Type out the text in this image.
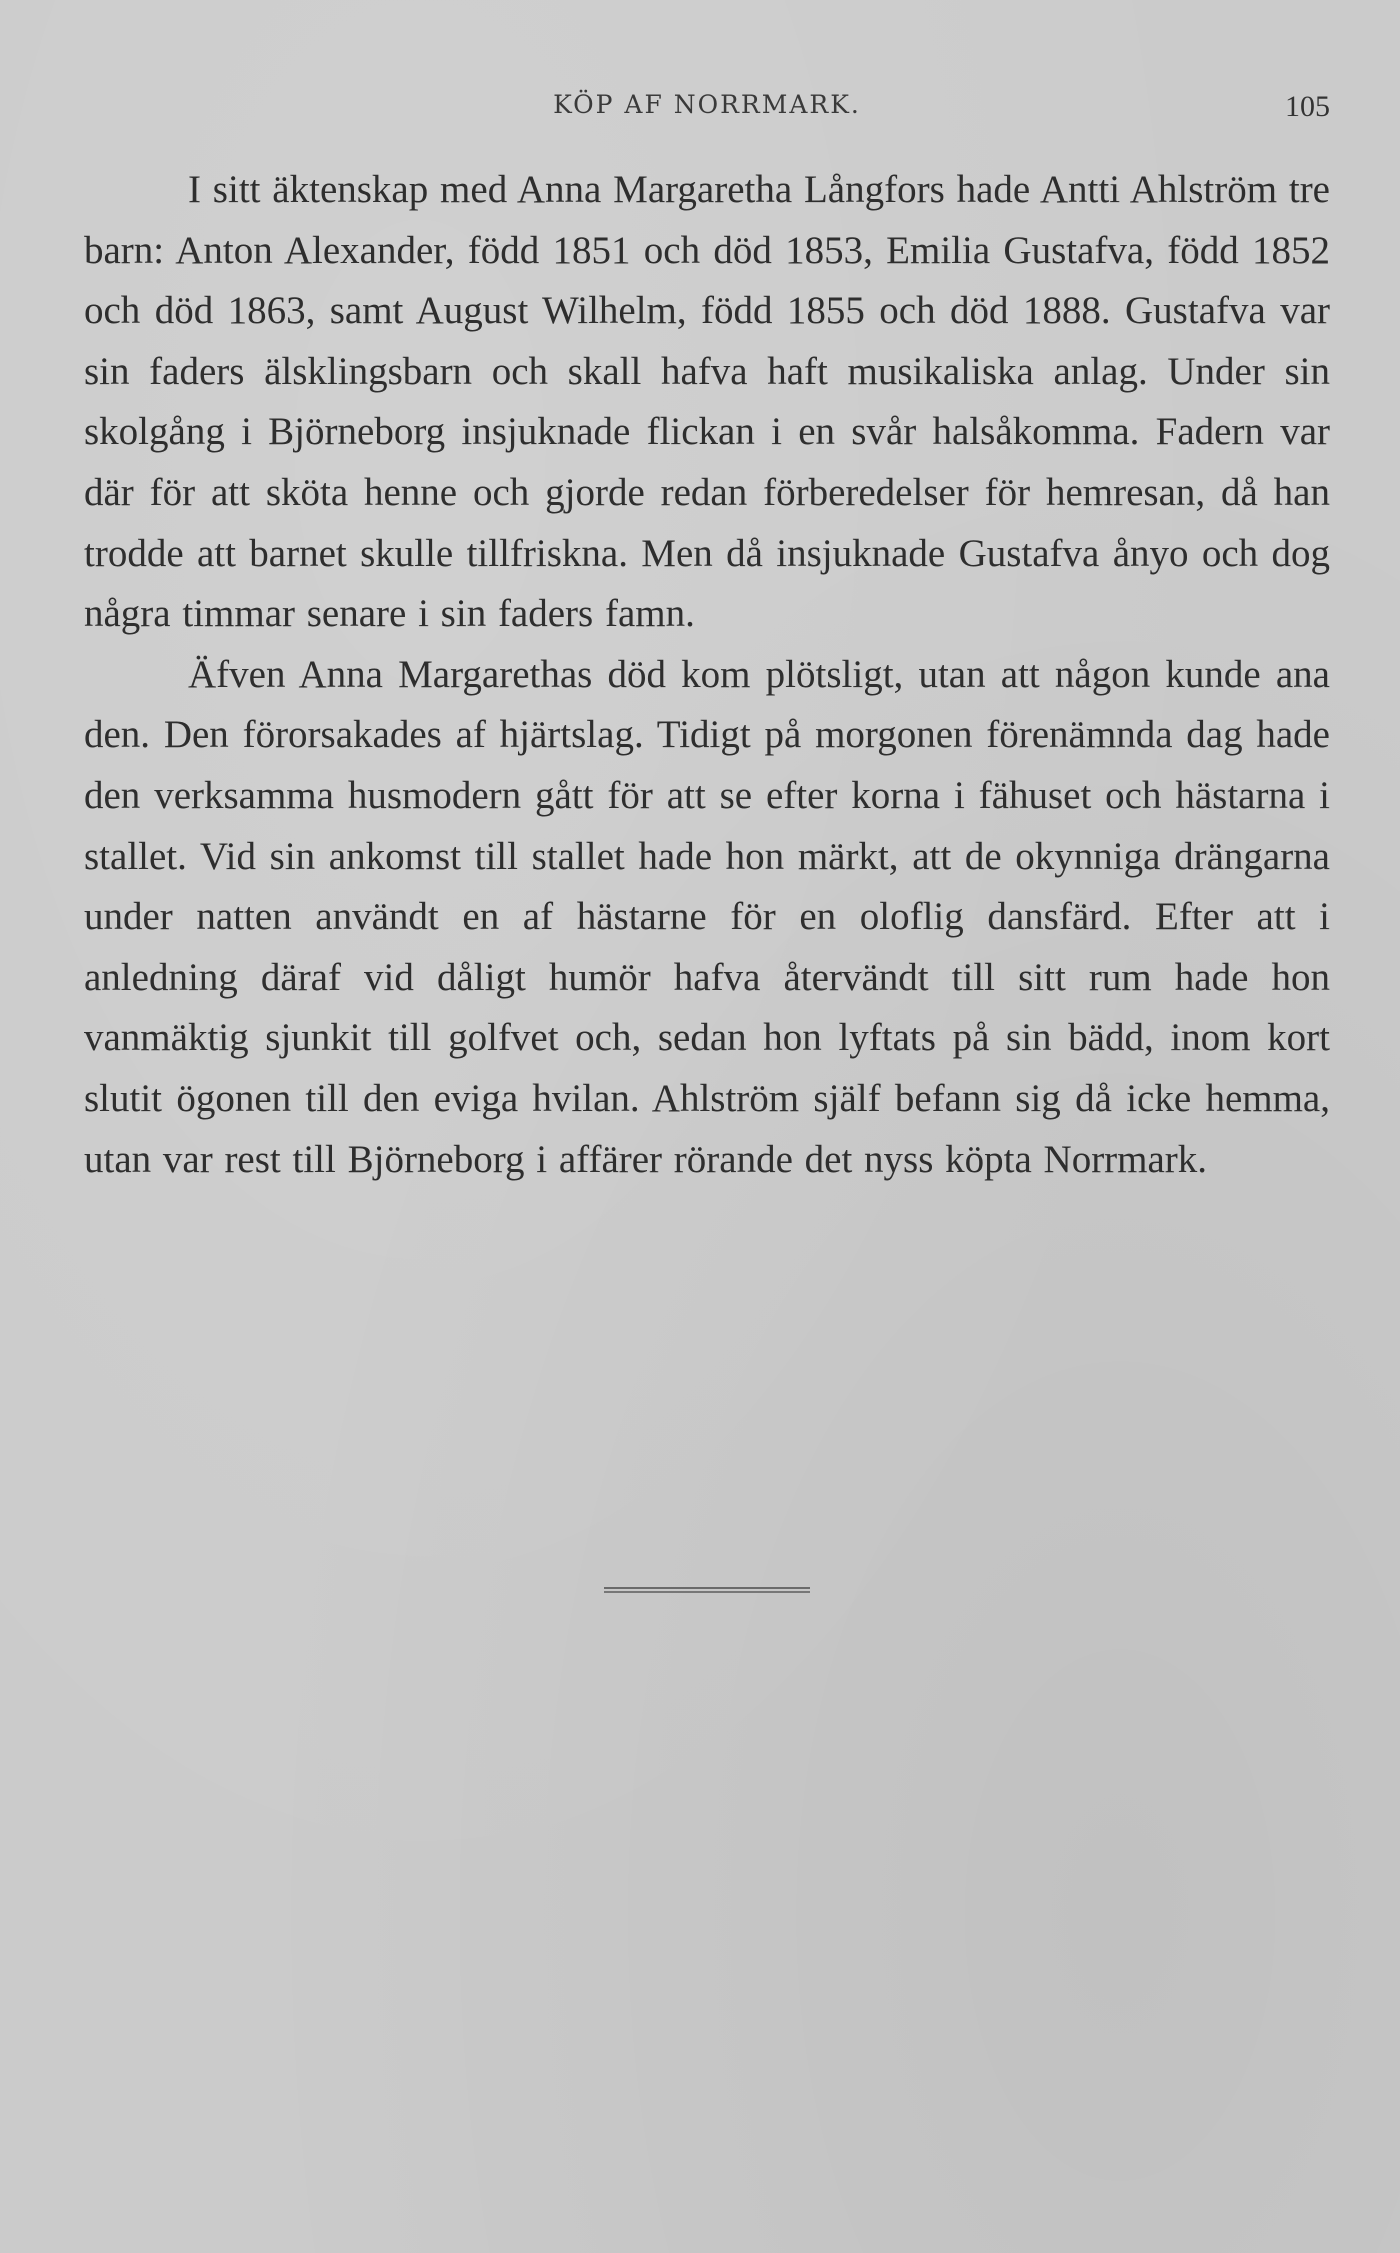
KÖP AF NORRMARK.	105

I sitt äktenskap med Anna Margaretha Långfors hade Antti Ahlström tre barn: Anton Alexander, född 1851 och död 1853, Emilia Gustafva, född 1852 och död 1863, samt August Wilhelm, född 1855 och död 1888. Gustafva var sin faders älsklingsbarn och skall hafva haft musikaliska anlag. Under sin skolgång i Björneborg insjuknade flickan i en svår halsåkomma. Fadern var där för att sköta henne och gjorde redan förberedelser för hemresan, då han trodde att barnet skulle tillfriskna. Men då insjuknade Gustafva ånyo och dog några timmar senare i sin faders famn.

Äfven Anna Margarethas död kom plötsligt, utan att någon kunde ana den. Den förorsakades af hjärtslag. Tidigt på morgonen förenämnda dag hade den verksamma husmodern gått för att se efter korna i fähuset och hästarna i stallet. Vid sin ankomst till stallet hade hon märkt, att de okynniga drängarna under natten användt en af hästarne för en oloflig dansfärd. Efter att i anledning däraf vid dåligt humör hafva återvändt till sitt rum hade hon vanmäktig sjunkit till golfvet och, sedan hon lyftats på sin bädd, inom kort slutit ögonen till den eviga hvilan. Ahlström själf befann sig då icke hemma, utan var rest till Björneborg i affärer rörande det nyss köpta Norrmark.
